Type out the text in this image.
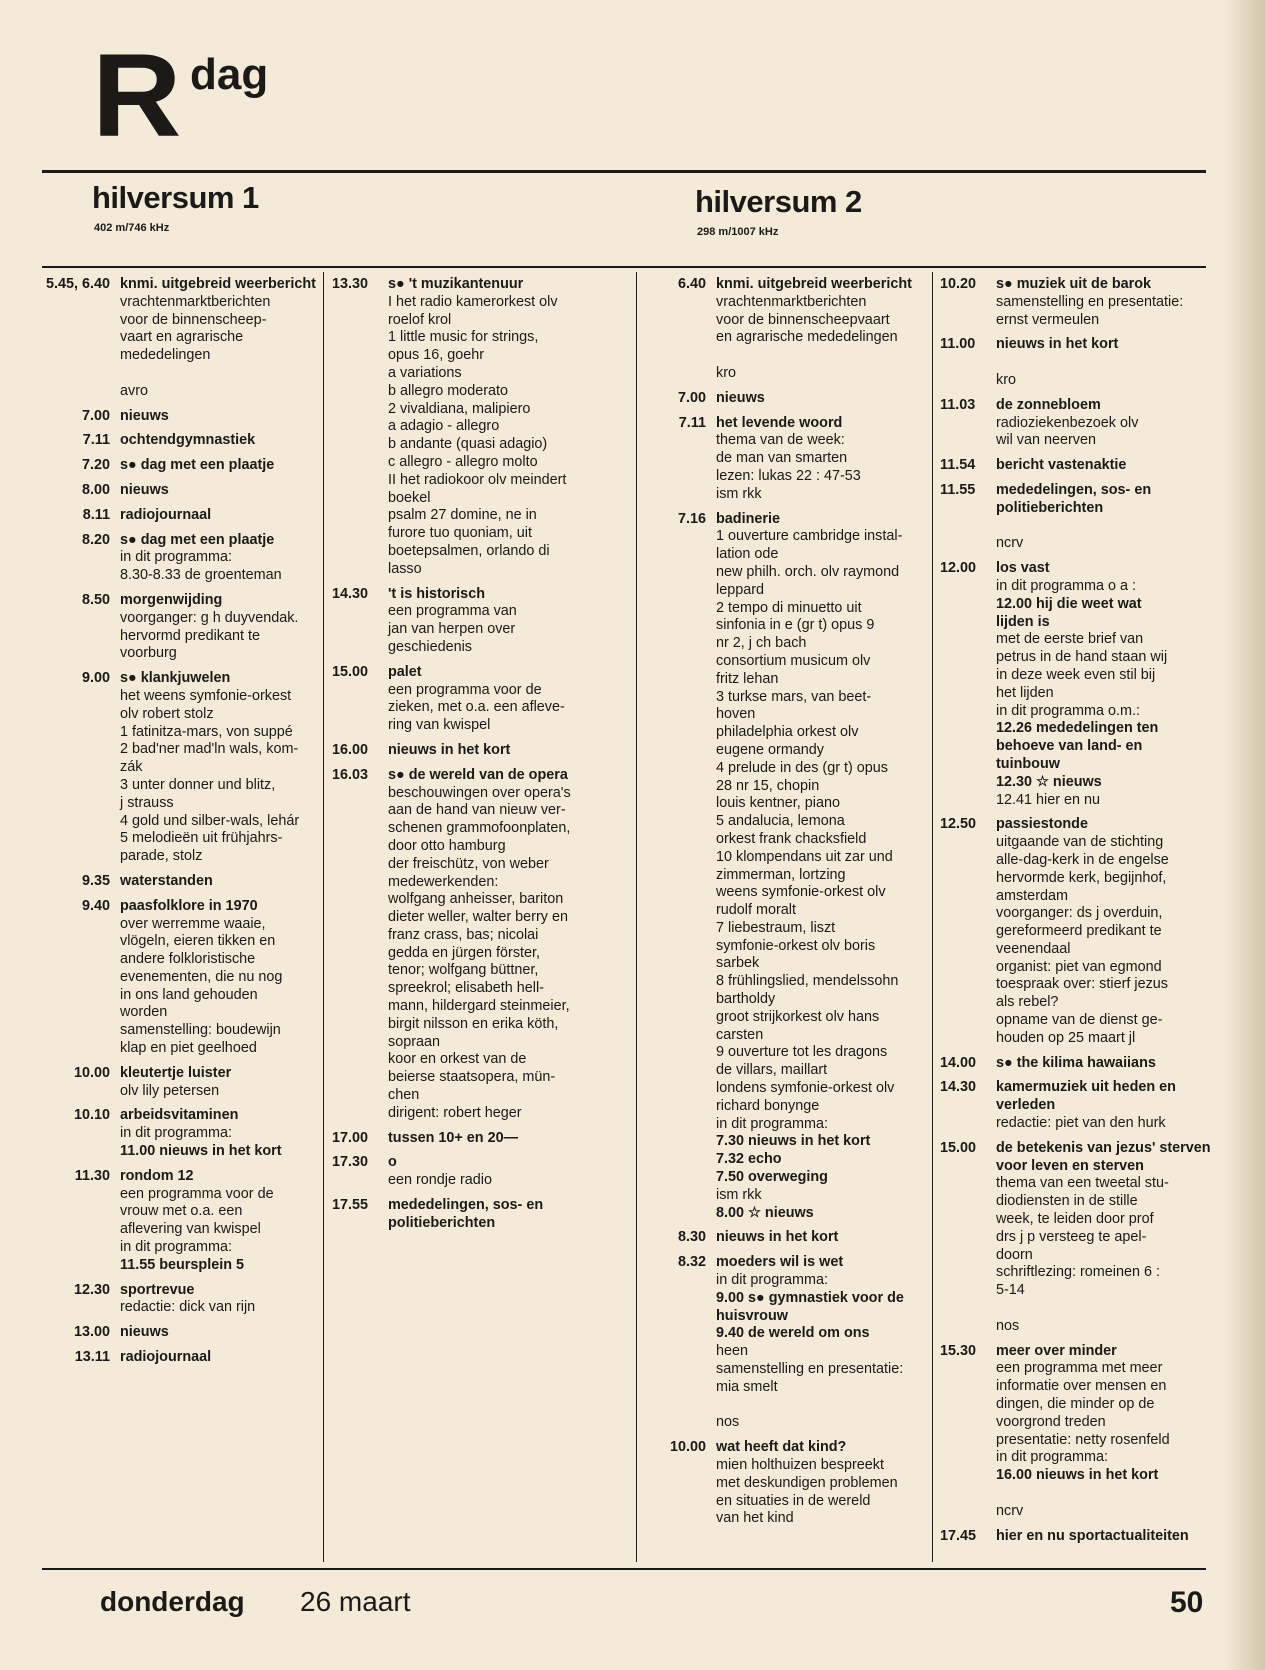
R dag
hilversum 1
402 m/746 kHz
hilversum 2
298 m/1007 kHz
5.45, 6.40 knmi. uitgebreid weerbericht
vrachtenmarktberichten
voor de binnenscheep-
vaart en agrarische
mededelingen

avro
7.00 nieuws
7.11 ochtendgymnastiek
7.20 s● dag met een plaatje
8.00 nieuws
8.11 radiojournaal
8.20 s● dag met een plaatje
in dit programma:
8.30-8.33 de groenteman
8.50 morgenwijding
voorganger: g h duyvendak.
hervormd predikant te
voorburg
9.00 s● klankjuwelen
het weens symfonie-orkest
olv robert stolz
1 fatinitza-mars, von suppé
2 bad'ner mad'ln wals, kom-
zák
3 unter donner und blitz,
j strauss
4 gold und silber-wals, lehár
5 melodieën uit frühjahrs-
parade, stolz
9.35 waterstanden
9.40 paasfolklore in 1970
over werremme waaie,
vlögeln, eieren tikken en
andere folkloristische
evenementen, die nu nog
in ons land gehouden
worden
samenstelling: boudewijn
klap en piet geelhoed
10.00 kleutertje luister
olv lily petersen
10.10 arbeidsvitaminen
in dit programma:
11.00 nieuws in het kort
11.30 rondom 12
een programma voor de
vrouw met o.a. een
aflevering van kwispel
in dit programma:
11.55 beursplein 5
12.30 sportrevue
redactie: dick van rijn
13.00 nieuws
13.11 radiojournaal
13.30	s● 't muzikantenuur
I het radio kamerorkest olv
roelof krol
1 little music for strings,
opus 16, goehr
a variations
b allegro moderato
2 vivaldiana, malipiero
a adagio - allegro
b andante (quasi adagio)
c allegro - allegro molto
II het radiokoor olv meindert
boekel
psalm 27 domine, ne in
furore tuo quoniam, uit
boetepsalmen, orlando di
lasso
14.30	't is historisch
een programma van
jan van herpen over
geschiedenis
15.00	palet
een programma voor de
zieken, met o.a. een afleve-
ring van kwispel
16.00	nieuws in het kort
16.03	s● de wereld van de opera
beschouwingen over opera's
aan de hand van nieuw ver-
schenen grammofoonplaten,
door otto hamburg
der freischütz, von weber
medewerkenden:
wolfgang anheisser, bariton
dieter weller, walter berry en
franz crass, bas; nicolai
gedda en jürgen förster,
tenor; wolfgang büttner,
spreekrol; elisabeth hell-
mann, hildergard steinmeier,
birgit nilsson en erika köth,
sopraan
koor en orkest van de
beierse staatsopera, mün-
chen
dirigent: robert heger
17.00	tussen 10+ en 20—
17.30	o
een rondje radio
17.55	mededelingen, sos- en politieberichten
6.40 knmi. uitgebreid weerbericht
vrachtenmarktberichten
voor de binnenscheepvaart
en agrarische mededelingen

kro
7.00 nieuws
7.11 het levende woord
thema van de week:
de man van smarten
lezen: lukas 22 : 47-53
ism rkk
7.16 badinerie
1 ouverture cambridge instal-
lation ode
new philh. orch. olv raymond
leppard
2 tempo di minuetto uit
sinfonia in e (gr t) opus 9
nr 2, j ch bach
consortium musicum olv
fritz lehan
3 turkse mars, van beet-
hoven
philadelphia orkest olv
eugene ormandy
4 prelude in des (gr t) opus
28 nr 15, chopin
louis kentner, piano
5 andalucia, lemona
orkest frank chacksfield
10 klompendans uit zar und
zimmerman, lortzing
weens symfonie-orkest olv
rudolf moralt
7 liebestraum, liszt
symfonie-orkest olv boris
sarbek
8 frühlingslied, mendelssohn
bartholdy
groot strijkorkest olv hans
carsten
9 ouverture tot les dragons
de villars, maillart
londens symfonie-orkest olv
richard bonynge
in dit programma:
7.30 nieuws in het kort
7.32 echo
7.50 overweging
ism rkk
8.00 ☆ nieuws
8.30 nieuws in het kort
8.32 moeders wil is wet
in dit programma:
9.00 s● gymnastiek voor de
huisvrouw
9.40 de wereld om ons
heen
samenstelling en presentatie:
mia smelt

nos
10.00 wat heeft dat kind?
mien holthuizen bespreekt
met deskundigen problemen
en situaties in de wereld
van het kind
10.20	s● muziek uit de barok
samenstelling en presentatie:
ernst vermeulen
11.00	nieuws in het kort

kro
11.03	de zonnebloem
radioziekenbezoek olv
wil van neerven
11.54	bericht vastenaktie
11.55	mededelingen, sos- en politieberichten

ncrv
12.00	los vast
in dit programma o a :
12.00 hij die weet wat
lijden is
met de eerste brief van
petrus in de hand staan wij
in deze week even stil bij
het lijden
in dit programma o.m.:
12.26 mededelingen ten
behoeve van land- en
tuinbouw
12.30 ☆ nieuws
12.41 hier en nu
12.50	passiestonde
uitgaande van de stichting
alle-dag-kerk in de engelse
hervormde kerk, begijnhof,
amsterdam
voorganger: ds j overduin,
gereformeerd predikant te
veenendaal
organist: piet van egmond
toespraak over: stierf jezus
als rebel?
opname van de dienst ge-
houden op 25 maart jl
14.00	s● the kilima hawaiians
14.30	kamermuziek uit heden en verleden
redactie: piet van den hurk
15.00	de betekenis van jezus' sterven voor leven en sterven
thema van een tweetal stu-
diodiensten in de stille
week, te leiden door prof
drs j p versteeg te apel-
doorn
schriftlezing: romeinen 6 :
5-14

nos
15.30	meer over minder
een programma met meer
informatie over mensen en
dingen, die minder op de
voorgrond treden
presentatie: netty rosenfeld
in dit programma:
16.00 nieuws in het kort

ncrv
17.45	hier en nu sportactualiteiten
donderdag 26 maart	50
